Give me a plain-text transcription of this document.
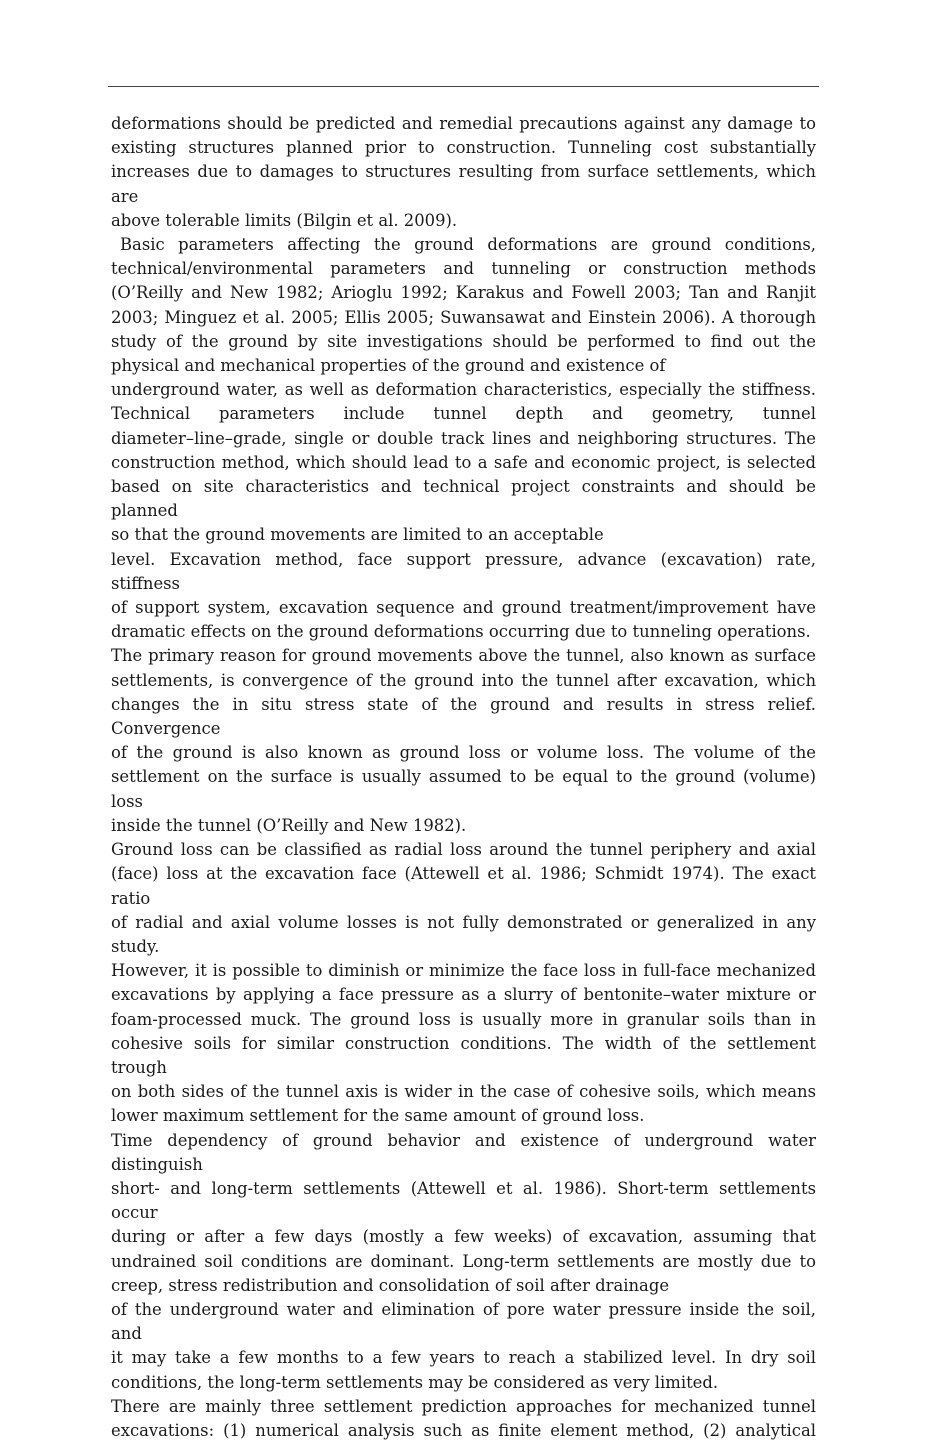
deformations should be predicted and remedial precautions against any damage to
existing structures planned prior to construction. Tunneling cost substantially
increases due to damages to structures resulting from surface settlements, which are
above tolerable limits (Bilgin et al. 2009).
Basic parameters affecting the ground deformations are ground conditions,
technical/environmental parameters and tunneling or construction methods
(O’Reilly and New 1982; Arioglu 1992; Karakus and Fowell 2003; Tan and Ranjit
2003; Minguez et al. 2005; Ellis 2005; Suwansawat and Einstein 2006). A thorough
study of the ground by site investigations should be performed to find out the
physical and mechanical properties of the ground and existence of
underground water, as well as deformation characteristics, especially the stiffness.
Technical parameters include tunnel depth and geometry, tunnel
diameter–line–grade, single or double track lines and neighboring structures. The
construction method, which should lead to a safe and economic project, is selected
based on site characteristics and technical project constraints and should be planned
so that the ground movements are limited to an acceptable
level. Excavation method, face support pressure, advance (excavation) rate, stiffness
of support system, excavation sequence and ground treatment/improvement have
dramatic effects on the ground deformations occurring due to tunneling operations.
The primary reason for ground movements above the tunnel, also known as surface
settlements, is convergence of the ground into the tunnel after excavation, which
changes the in situ stress state of the ground and results in stress relief. Convergence
of the ground is also known as ground loss or volume loss. The volume of the
settlement on the surface is usually assumed to be equal to the ground (volume) loss
inside the tunnel (O’Reilly and New 1982).
Ground loss can be classified as radial loss around the tunnel periphery and axial
(face) loss at the excavation face (Attewell et al. 1986; Schmidt 1974). The exact ratio
of radial and axial volume losses is not fully demonstrated or generalized in any study.
However, it is possible to diminish or minimize the face loss in full-face mechanized
excavations by applying a face pressure as a slurry of bentonite–water mixture or
foam-processed muck. The ground loss is usually more in granular soils than in
cohesive soils for similar construction conditions. The width of the settlement trough
on both sides of the tunnel axis is wider in the case of cohesive soils, which means
lower maximum settlement for the same amount of ground loss.
Time dependency of ground behavior and existence of underground water distinguish
short- and long-term settlements (Attewell et al. 1986). Short-term settlements occur
during or after a few days (mostly a few weeks) of excavation, assuming that
undrained soil conditions are dominant. Long-term settlements are mostly due to
creep, stress redistribution and consolidation of soil after drainage
of the underground water and elimination of pore water pressure inside the soil, and
it may take a few months to a few years to reach a stabilized level. In dry soil
conditions, the long-term settlements may be considered as very limited.
There are mainly three settlement prediction approaches for mechanized tunnel
excavations: (1) numerical analysis such as finite element method, (2) analytical
